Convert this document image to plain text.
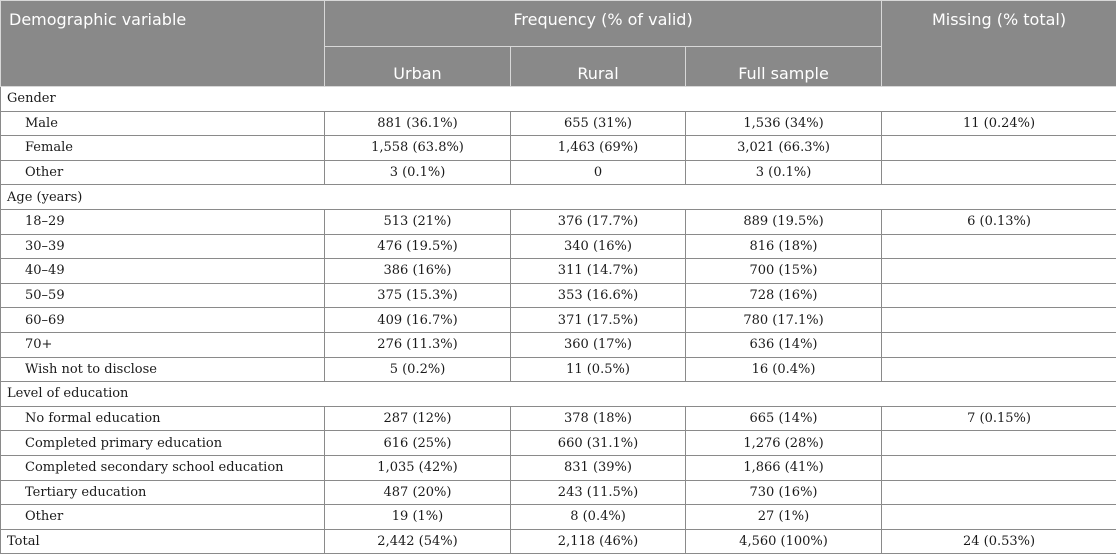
Demographic variable	Frequency (% of valid)			Missing (% total)
	Urban	Rural	Full sample	
Gender				
Male	881 (36.1%)	655 (31%)	1,536 (34%)	11 (0.24%)
Female	1,558 (63.8%)	1,463 (69%)	3,021 (66.3%)	
Other	3 (0.1%)	0	3 (0.1%)	
Age (years)				
18–29	513 (21%)	376 (17.7%)	889 (19.5%)	6 (0.13%)
30–39	476 (19.5%)	340 (16%)	816 (18%)	
40–49	386 (16%)	311 (14.7%)	700 (15%)	
50–59	375 (15.3%)	353 (16.6%)	728 (16%)	
60–69	409 (16.7%)	371 (17.5%)	780 (17.1%)	
70+	276 (11.3%)	360 (17%)	636 (14%)	
Wish not to disclose	5 (0.2%)	11 (0.5%)	16 (0.4%)	
Level of education				
No formal education	287 (12%)	378 (18%)	665 (14%)	7 (0.15%)
Completed primary education	616 (25%)	660 (31.1%)	1,276 (28%)	
Completed secondary school education	1,035 (42%)	831 (39%)	1,866 (41%)	
Tertiary education	487 (20%)	243 (11.5%)	730 (16%)	
Other	19 (1%)	8 (0.4%)	27 (1%)	
Total	2,442 (54%)	2,118 (46%)	4,560 (100%)	24 (0.53%)
